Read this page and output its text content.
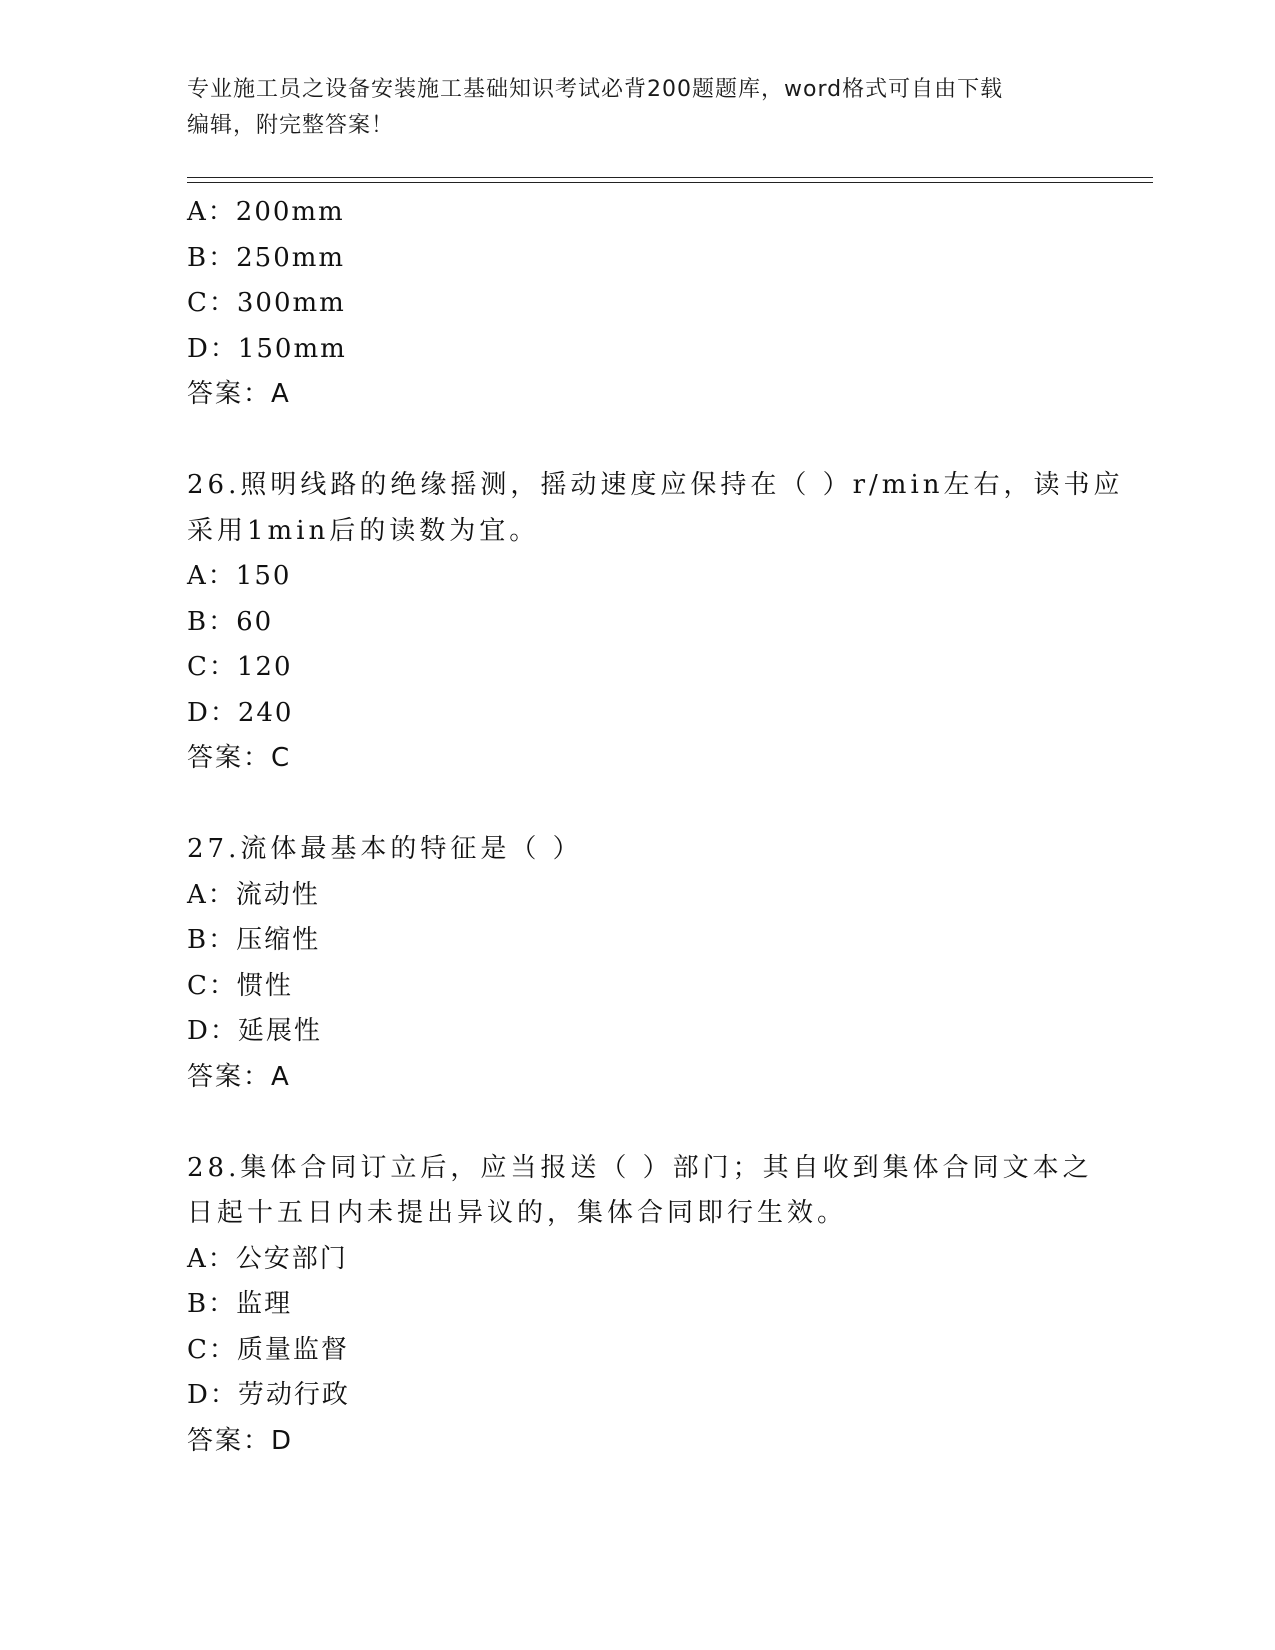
专业施工员之设备安装施工基础知识考试必背200题题库，word格式可自由下载
编辑，附完整答案！
A：200mm
B：250mm
C：300mm
D：150mm
答案：A
26.照明线路的绝缘摇测，摇动速度应保持在（ ）r/min左右，读书应
采用1min后的读数为宜。
A：150
B：60
C：120
D：240
答案：C
27.流体最基本的特征是（ ）
A：流动性
B：压缩性
C：惯性
D：延展性
答案：A
28.集体合同订立后，应当报送（ ）部门；其自收到集体合同文本之
日起十五日内未提出异议的，集体合同即行生效。
A：公安部门
B：监理
C：质量监督
D：劳动行政
答案：D
